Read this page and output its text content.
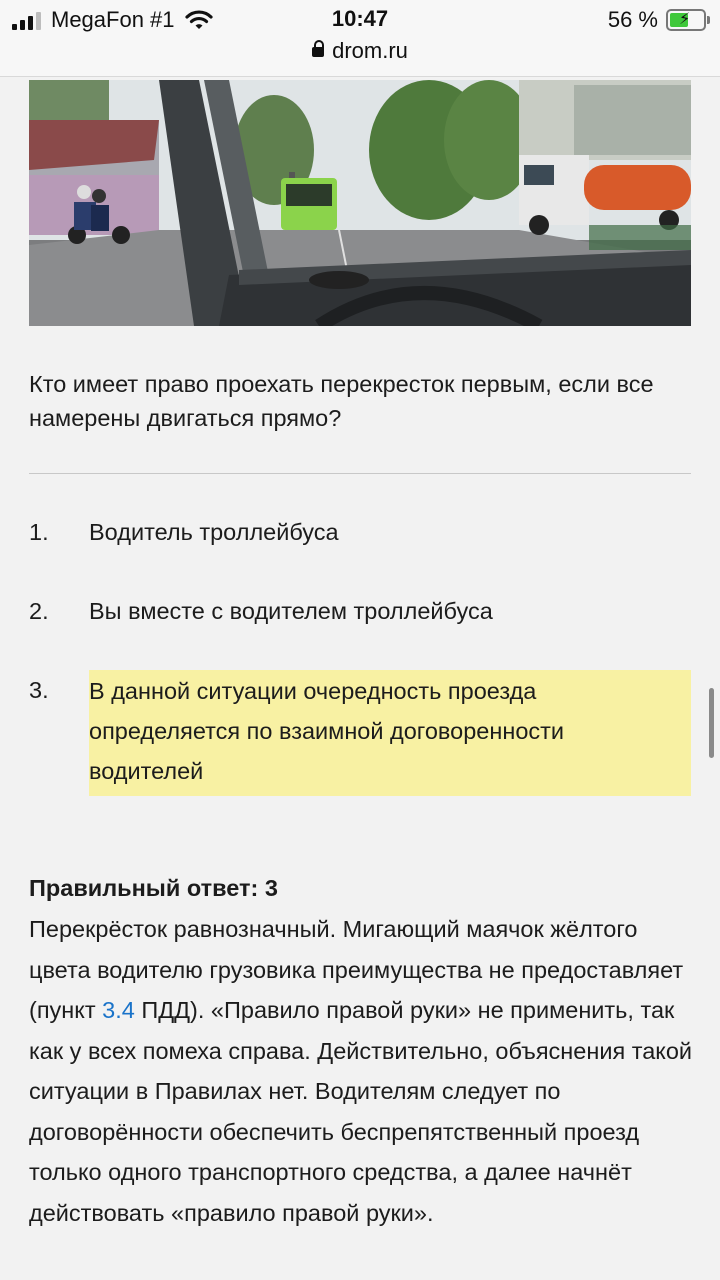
MegaFon #1	10:47	56 % ⚡
drom.ru
Кто имеет право проехать перекресток первым, если все намерены двигаться прямо?
1.	Водитель троллейбуса
2.	Вы вместе с водителем троллейбуса
3.	В данной ситуации очередность проезда определяется по взаимной договоренности водителей
Правильный ответ: 3
Перекрёсток равнозначный. Мигающий маячок жёлтого цвета водителю грузовика преимущества не предоставляет (пункт 3.4 ПДД). «Правило правой руки» не применить, так как у всех помеха справа. Действительно, объяснения такой ситуации в Правилах нет. Водителям следует по договорённости обеспечить беспрепятственный проезд только одного транспортного средства, а далее начнёт действовать «правило правой руки».
